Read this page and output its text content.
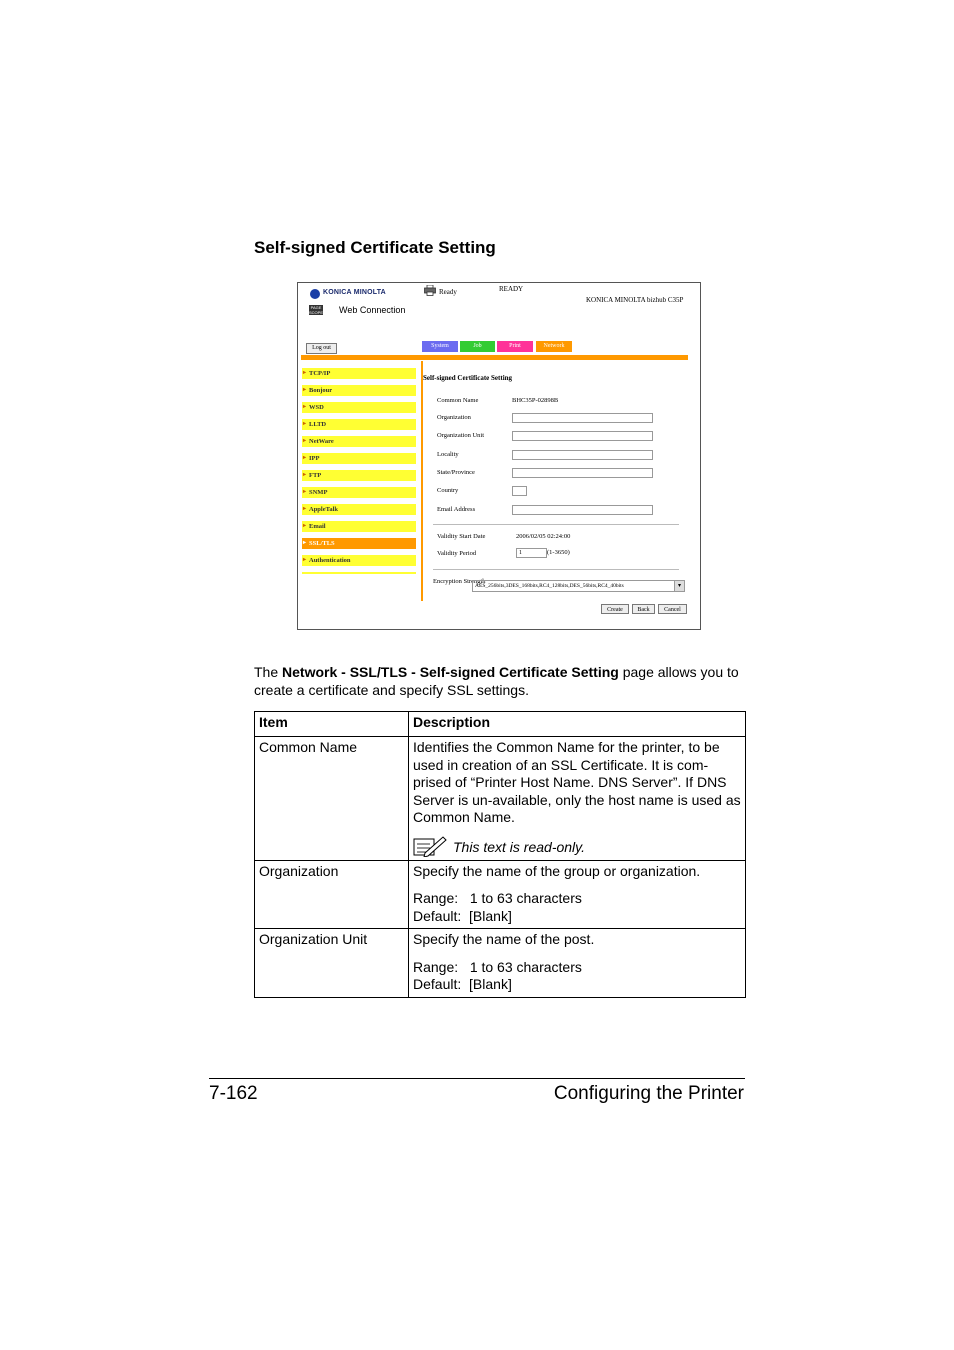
Self-signed Certificate Setting
KONICA MINOLTA
PAGE SCOPE Web Connection
Ready	READY
KONICA MINOLTA bizhub C35P
Log out	System	Job	Print	Network
▸ TCP/IP
▸ Bonjour
▸ WSD
▸ LLTD
▸ NetWare
▸ IPP
▸ FTP
▸ SNMP
▸ AppleTalk
▸ Email
▸ SSL/TLS
▸ Authentication
Self-signed Certificate Setting
Common Name	BHC35P-02898B
Organization
Organization Unit
Locality
State/Province
Country
Email Address
Validity Start Date	2006/02/05 02:24:00
Validity Period	1	(1-3650)
Encryption Strength
AES_256bits,3DES_168bits,RC4_128bits,DES_56bits,RC4_40bits	▾
Create	Back	Cancel

The Network - SSL/TLS - Self-signed Certificate Setting page allows you to create a certificate and specify SSL settings.

Item	Description
Common Name	Identifies the Common Name for the printer, to be used in creation of an SSL Certificate. It is com- prised of “Printer Host Name. DNS Server”. If DNS Server is un-available, only the host name is used as Common Name.

This text is read-only.

Organization	Specify the name of the group or organization.

Range:   1 to 63 characters
Default:  [Blank]

Organization Unit	Specify the name of the post.

Range:   1 to 63 characters
Default:  [Blank]

7-162	Configuring the Printer
